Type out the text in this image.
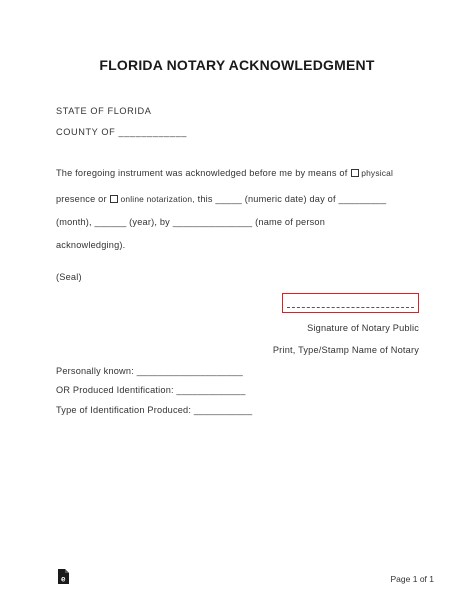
FLORIDA NOTARY ACKNOWLEDGMENT
STATE OF FLORIDA
COUNTY OF ____________
The foregoing instrument was acknowledged before me by means of physical
presence or online notarization, this _____ (numeric date) day of _________
(month), ______ (year), by _______________ (name of person
acknowledging).
(Seal)
Signature of Notary Public
Print, Type/Stamp Name of Notary
Personally known: ____________________
OR Produced Identification: _____________
Type of Identification Produced: ___________
e	Page 1 of 1
